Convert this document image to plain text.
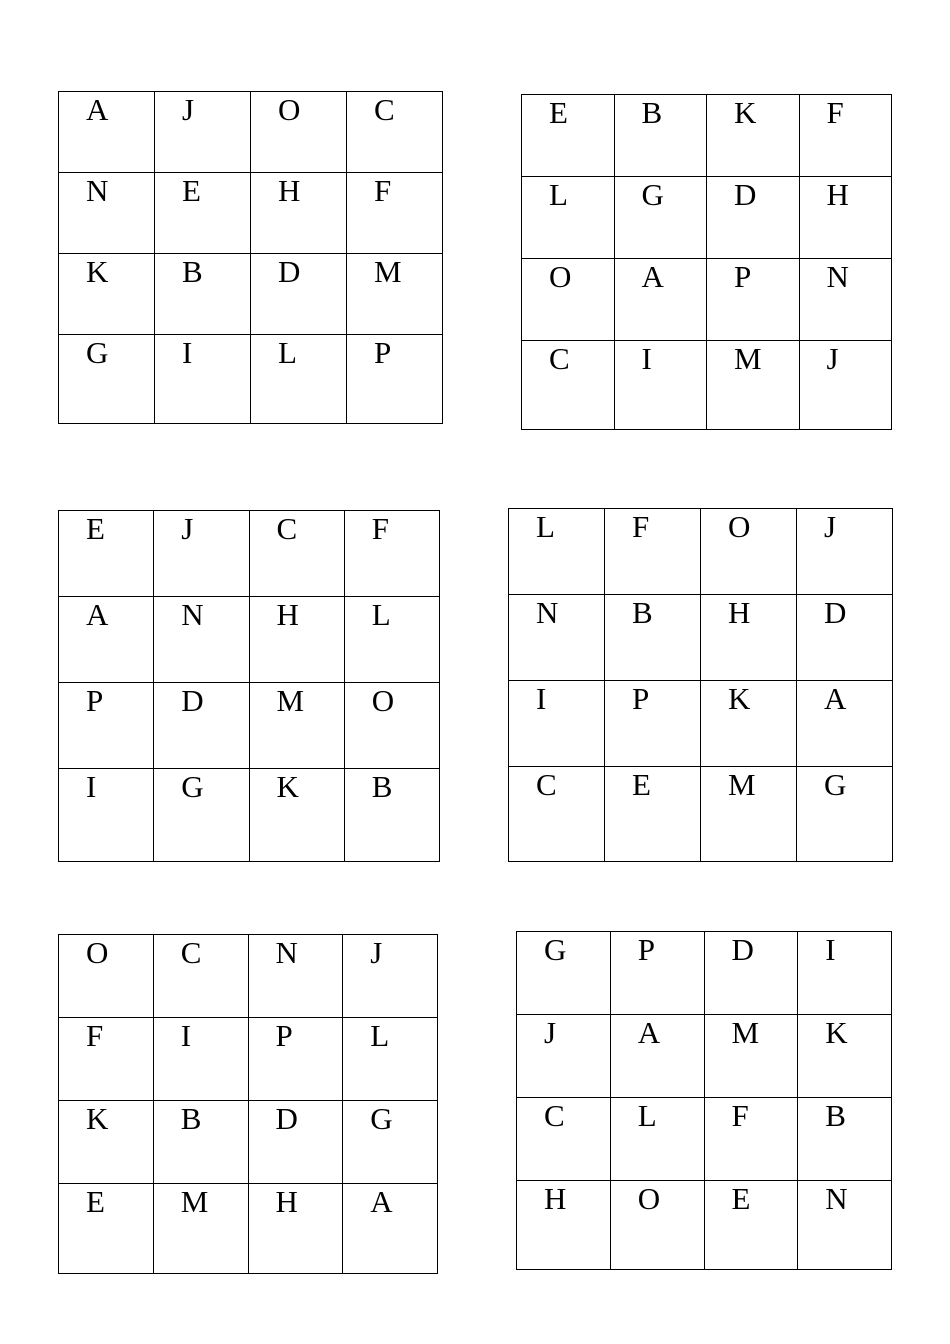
A	J	O	C
N	E	H	F
K	B	D	M
G	I	L	P
E	B	K	F
L	G	D	H
O	A	P	N
C	I	M	J
E	J	C	F
A	N	H	L
P	D	M	O
I	G	K	B
L	F	O	J
N	B	H	D
I	P	K	A
C	E	M	G
O	C	N	J
F	I	P	L
K	B	D	G
E	M	H	A
G	P	D	I
J	A	M	K
C	L	F	B
H	O	E	N
